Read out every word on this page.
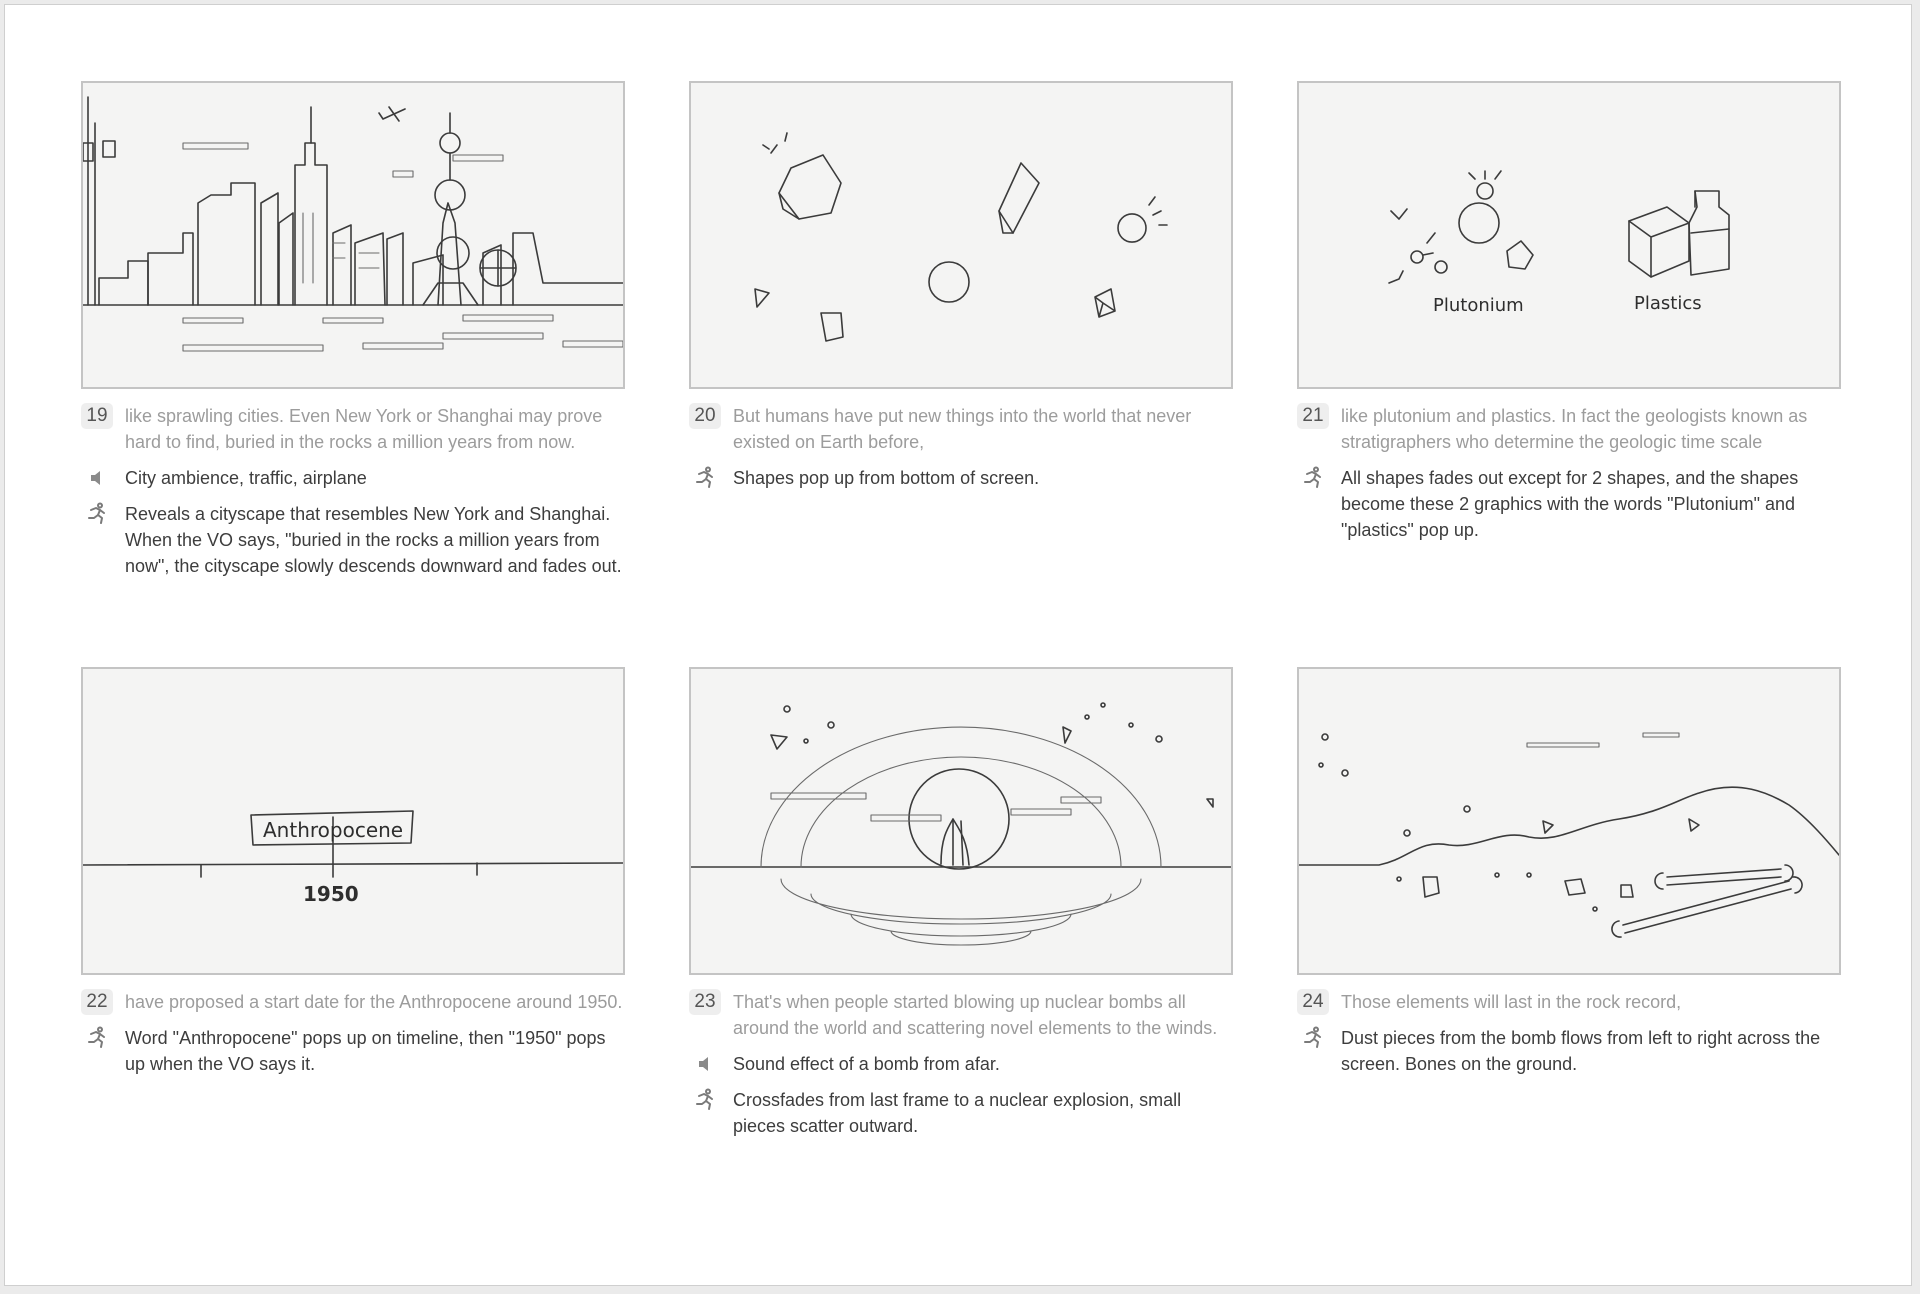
19 like sprawling cities. Even New York or Shanghai may prove hard to find, buried in the rocks a million years from now.
City ambience, traffic, airplane
Reveals a cityscape that resembles New York and Shanghai. When the VO says, "buried in the rocks a million years from now", the cityscape slowly descends downward and fades out.
20 But humans have put new things into the world that never existed on Earth before,
Shapes pop up from bottom of screen.
Plutonium	Plastics
21 like plutonium and plastics. In fact the geologists known as stratigraphers who determine the geologic time scale
All shapes fades out except for 2 shapes, and the shapes become these 2 graphics with the words "Plutonium" and "plastics" pop up.
Anthropocene
1950
22 have proposed a start date for the Anthropocene around 1950.
Word "Anthropocene" pops up on timeline, then "1950" pops up when the VO says it.
23 That's when people started blowing up nuclear bombs all around the world and scattering novel elements to the winds.
Sound effect of a bomb from afar.
Crossfades from last frame to a nuclear explosion, small pieces scatter outward.
24 Those elements will last in the rock record,
Dust pieces from the bomb flows from left to right across the screen. Bones on the ground.
